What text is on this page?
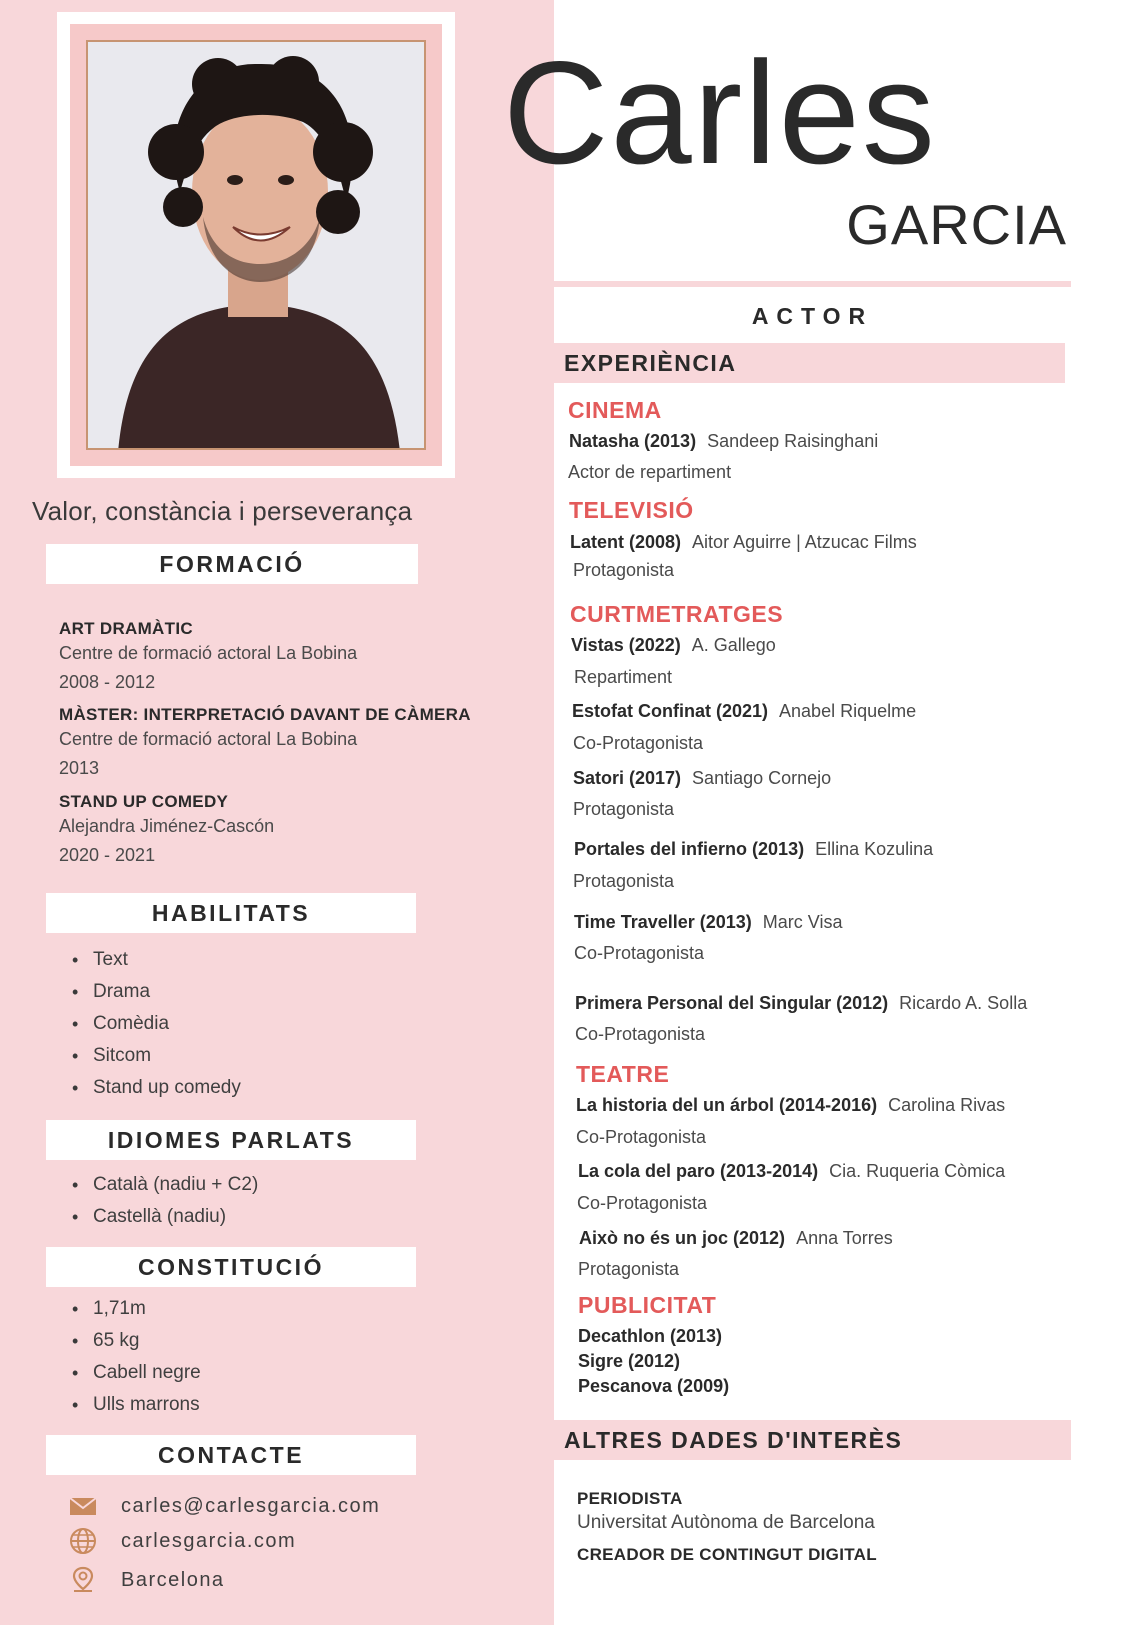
Valor, constància i perseverança
FORMACIÓ
ART DRAMÀTIC
Centre de formació actoral La Bobina
2008 - 2012
MÀSTER: INTERPRETACIÓ DAVANT DE CÀMERA
Centre de formació actoral La Bobina
2013
STAND UP COMEDY
Alejandra Jiménez-Cascón
2020 - 2021
HABILITATS
• Text
• Drama
• Comèdia
• Sitcom
• Stand up comedy
IDIOMES PARLATS
• Català (nadiu + C2)
• Castellà (nadiu)
CONSTITUCIÓ
• 1,71m
• 65 kg
• Cabell negre
• Ulls marrons
CONTACTE
carles@carlesgarcia.com
carlesgarcia.com
Barcelona
Carles
GARCIA
ACTOR
EXPERIÈNCIA
CINEMA
Natasha (2013) Sandeep Raisinghani
Actor de repartiment
TELEVISIÓ
Latent (2008) Aitor Aguirre | Atzucac Films
Protagonista
CURTMETRATGES
Vistas (2022) A. Gallego
Repartiment
Estofat Confinat (2021) Anabel Riquelme
Co-Protagonista
Satori (2017) Santiago Cornejo
Protagonista
Portales del infierno (2013) Ellina Kozulina
Protagonista
Time Traveller (2013) Marc Visa
Co-Protagonista
Primera Personal del Singular (2012) Ricardo A. Solla
Co-Protagonista
TEATRE
La historia del un árbol (2014-2016) Carolina Rivas
Co-Protagonista
La cola del paro (2013-2014) Cia. Ruqueria Còmica
Co-Protagonista
Això no és un joc (2012) Anna Torres
Protagonista
PUBLICITAT
Decathlon (2013)
Sigre (2012)
Pescanova (2009)
ALTRES DADES D'INTERÈS
PERIODISTA
Universitat Autònoma de Barcelona
CREADOR DE CONTINGUT DIGITAL
